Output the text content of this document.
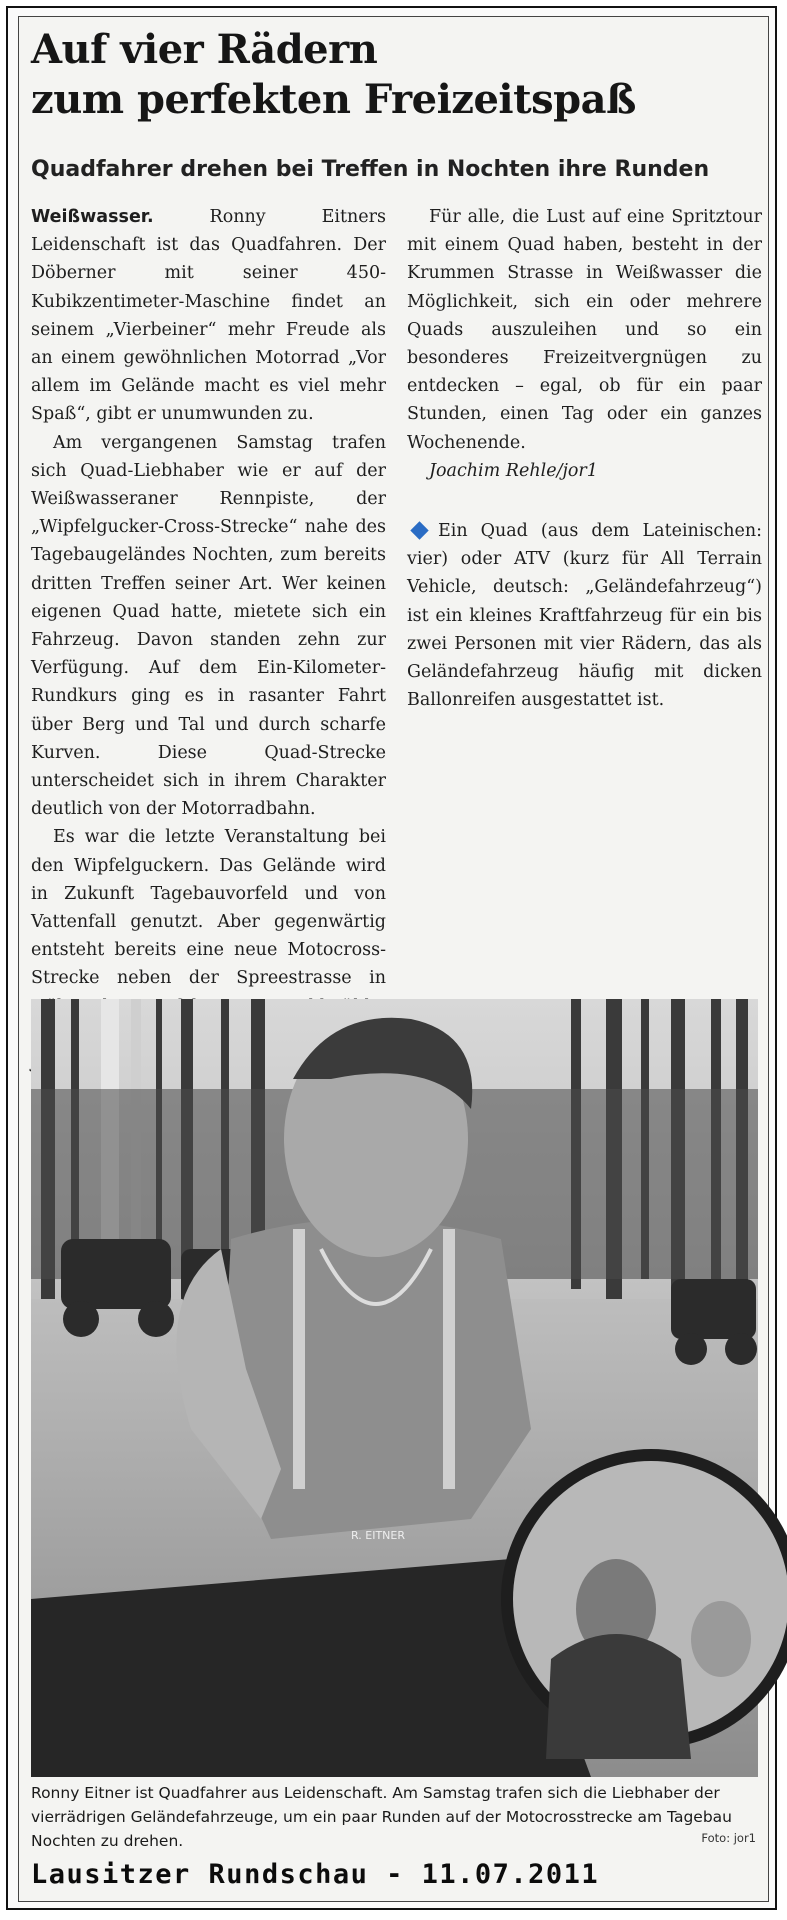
Auf vier Rädern
zum perfekten Freizeitspaß
Quadfahrer drehen bei Treffen in Nochten ihre Runden

Weißwasser.	Ronny Eitners Leidenschaft ist das Quadfahren. Der Döberner mit seiner 450-Kubikzentimeter-Maschine findet an seinem „Vierbeiner“ mehr Freude als an einem gewöhnlichen Motorrad „Vor allem im Gelände macht es viel mehr Spaß“, gibt er unumwunden zu.

Am vergangenen Samstag trafen sich Quad-Liebhaber wie er auf der Weißwasseraner Rennpiste, der „Wipfelgucker-Cross-Strecke“ nahe des Tagebaugeländes Nochten, zum bereits dritten Treffen seiner Art. Wer keinen eigenen Quad hatte, mietete sich ein Fahrzeug. Davon standen zehn zur Verfügung. Auf dem Ein-Kilometer-Rundkurs ging es in rasanter Fahrt über Berg und Tal und durch scharfe Kurven. Diese Quad-Strecke unterscheidet sich in ihrem Charakter deutlich von der Motorradbahn.

Es war die letzte Veranstaltung bei den Wipfelguckern. Das Gelände wird in Zukunft Tagebauvorfeld und von Vattenfall genutzt. Aber gegenwärtig entsteht bereits eine neue Motocross-Strecke neben der Spreestrasse in

Für alle, die Lust auf eine Spritztour mit einem Quad haben, besteht in der Krummen Strasse in Weißwasser die Möglichkeit, sich ein oder mehrere Quads auszuleihen und so ein besonderes Freizeitvergnügen zu entdecken – egal, ob für ein paar Stunden, einen Tag oder ein ganzes Wochenende.

Joachim Rehle/jor1

Ein Quad (aus dem Lateinischen: vier) oder ATV (kurz für All Terrain Vehicle, deutsch: „Geländefahrzeug“) ist ein kleines Kraftfahrzeug für ein bis zwei Personen mit vier Rädern, das als Geländefahrzeug häufig mit dicken Ballonreifen ausgestattet ist.

R. EITNER

Ronny Eitner ist Quadfahrer aus Leidenschaft. Am Samstag trafen sich die Liebhaber der vierrädrigen Geländefahrzeuge, um ein paar Runden auf der Motocrosstrecke am Tagebau Nochten zu drehen.	Foto: jor1
Lausitzer Rundschau - 11.07.2011
